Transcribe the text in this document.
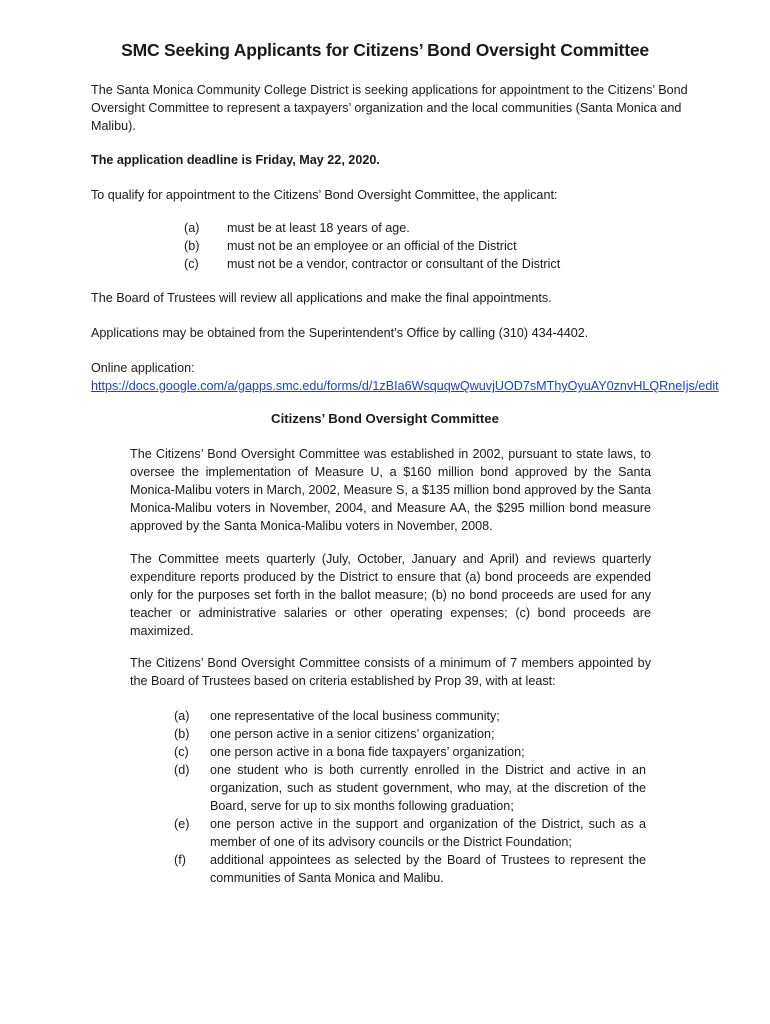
SMC Seeking Applicants for Citizens’ Bond Oversight Committee
The Santa Monica Community College District is seeking applications for appointment to the Citizens’ Bond Oversight Committee to represent a taxpayers’ organization and the local communities (Santa Monica and Malibu).
The application deadline is Friday, May 22, 2020.
To qualify for appointment to the Citizens’ Bond Oversight Committee, the applicant:
(a)	must be at least 18 years of age.
(b)	must not be an employee or an official of the District
(c)	must not be a vendor, contractor or consultant of the District
The Board of Trustees will review all applications and make the final appointments.
Applications may be obtained from the Superintendent’s Office by calling (310) 434-4402.
Online application:
https://docs.google.com/a/gapps.smc.edu/forms/d/1zBIa6WsquqwQwuvjUOD7sMThyOyuAY0znvHLQRneIjs/edit
Citizens’ Bond Oversight Committee
The Citizens’ Bond Oversight Committee was established in 2002, pursuant to state laws, to oversee the implementation of Measure U, a $160 million bond approved by the Santa Monica-Malibu voters in March, 2002, Measure S, a $135 million bond approved by the Santa Monica-Malibu voters in November, 2004, and Measure AA, the $295 million bond measure approved by the Santa Monica-Malibu voters in November, 2008.
The Committee meets quarterly (July, October, January and April) and reviews quarterly expenditure reports produced by the District to ensure that (a) bond proceeds are expended only for the purposes set forth in the ballot measure; (b) no bond proceeds are used for any teacher or administrative salaries or other operating expenses; (c) bond proceeds are maximized.
The Citizens’ Bond Oversight Committee consists of a minimum of 7 members appointed by the Board of Trustees based on criteria established by Prop 39, with at least:
(a)	one representative of the local business community;
(b)	one person active in a senior citizens’ organization;
(c)	one person active in a bona fide taxpayers’ organization;
(d)	one student who is both currently enrolled in the District and active in an organization, such as student government, who may, at the discretion of the Board, serve for up to six months following graduation;
(e)	one person active in the support and organization of the District, such as a member of one of its advisory councils or the District Foundation;
(f)	additional appointees as selected by the Board of Trustees to represent the communities of Santa Monica and Malibu.
